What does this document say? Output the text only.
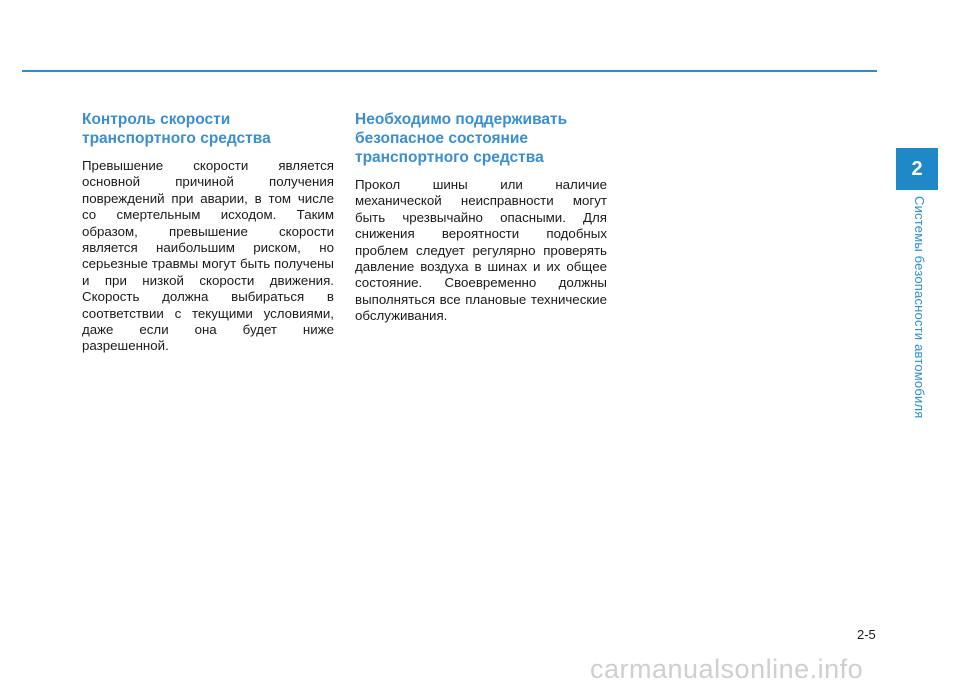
Контроль скорости транспортного средства

Превышение скорости является основной причиной получения повреждений при аварии, в том числе со смертельным исходом. Таким образом, превышение скорости является наибольшим риском, но серьезные травмы могут быть получены и при низкой скорости движения. Скорость должна выбираться в соответствии с текущими условиями, даже если она будет ниже разрешенной.

Необходимо поддерживать безопасное состояние транспортного средства

Прокол шины или наличие механической неисправности могут быть чрезвычайно опасными. Для снижения вероятности подобных проблем следует регулярно проверять давление воздуха в шинах и их общее состояние. Своевременно должны выполняться все плановые технические обслуживания.

2
Системы безопасности автомобиля
2-5
carmanualsonline.info
